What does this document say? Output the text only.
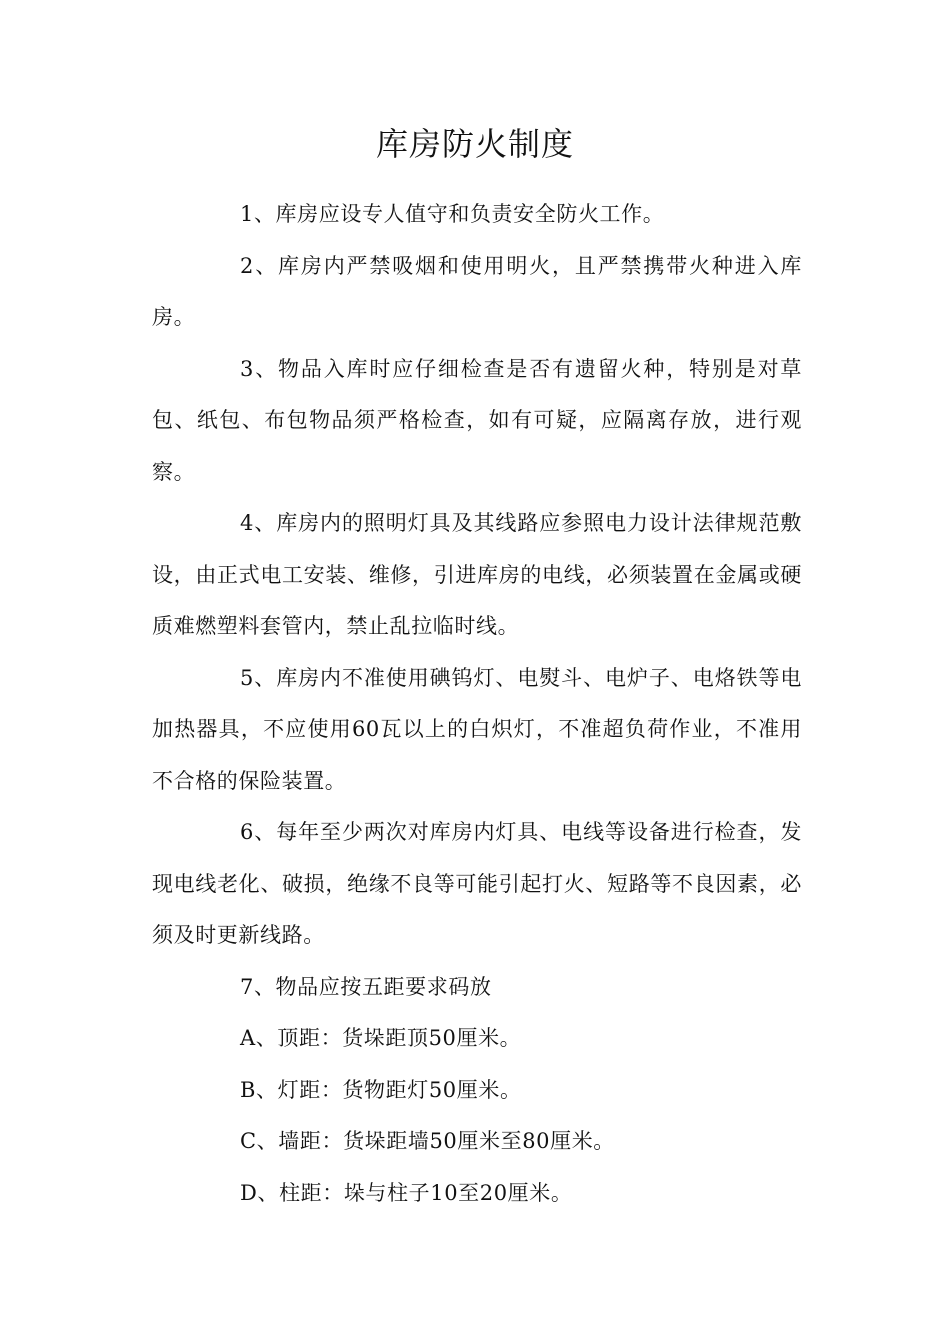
库房防火制度

1、库房应设专人值守和负责安全防火工作。

2、库房内严禁吸烟和使用明火，且严禁携带火种进入库房。

3、物品入库时应仔细检查是否有遗留火种，特别是对草包、纸包、布包物品须严格检查，如有可疑，应隔离存放，进行观察。

4、库房内的照明灯具及其线路应参照电力设计法律规范敷设，由正式电工安装、维修，引进库房的电线，必须装置在金属或硬质难燃塑料套管内，禁止乱拉临时线。

5、库房内不准使用碘钨灯、电熨斗、电炉子、电烙铁等电加热器具，不应使用60瓦以上的白炽灯，不准超负荷作业，不准用不合格的保险装置。

6、每年至少两次对库房内灯具、电线等设备进行检查，发现电线老化、破损，绝缘不良等可能引起打火、短路等不良因素，必须及时更新线路。

7、物品应按五距要求码放

A、顶距：货垛距顶50厘米。

B、灯距：货物距灯50厘米。

C、墙距：货垛距墙50厘米至80厘米。

D、柱距：垛与柱子10至20厘米。
